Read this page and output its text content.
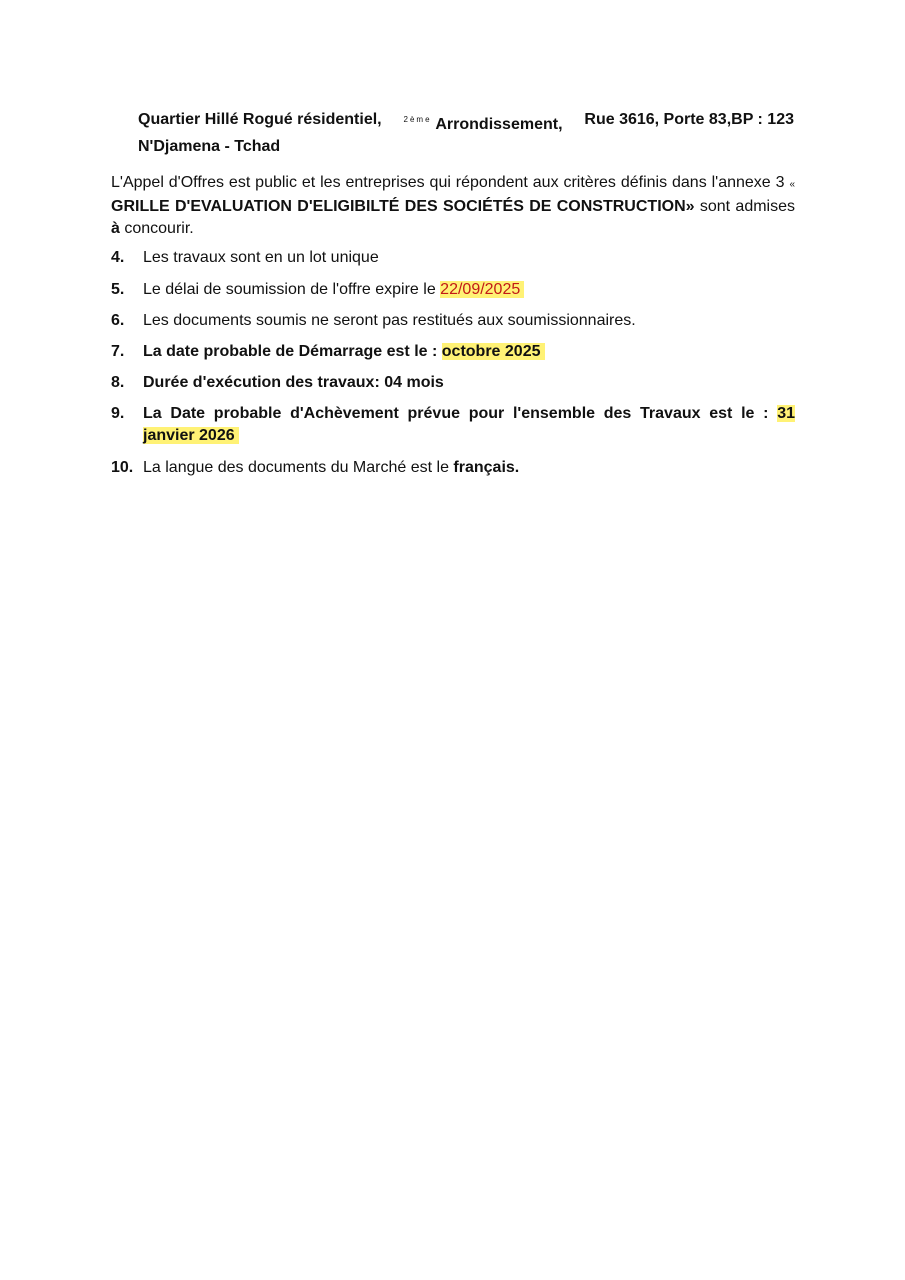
Quartier Hillé Rogué résidentiel,	$^{2ème}$ Arrondissement, Rue 3616, Porte 83,BP : 123
N'Djamena - Tchad
L'Appel d'Offres est public et les entreprises qui répondent aux critères définis dans l'annexe 3 « GRILLE D'EVALUATION D'ELIGIBILTÉ DES SOCIÉTÉS DE CONSTRUCTION» sont admises à concourir.
4.	Les travaux sont en un lot unique
5.	Le délai de soumission de l'offre expire le 22/09/2025
6.	Les documents soumis ne seront pas restitués aux soumissionnaires.
7.	La date probable de Démarrage est le : octobre 2025
8.	Durée d'exécution des travaux: 04 mois
9.	La Date probable d'Achèvement prévue pour l'ensemble des Travaux est le : 31 janvier 2026
10. La langue des documents du Marché est le français.
